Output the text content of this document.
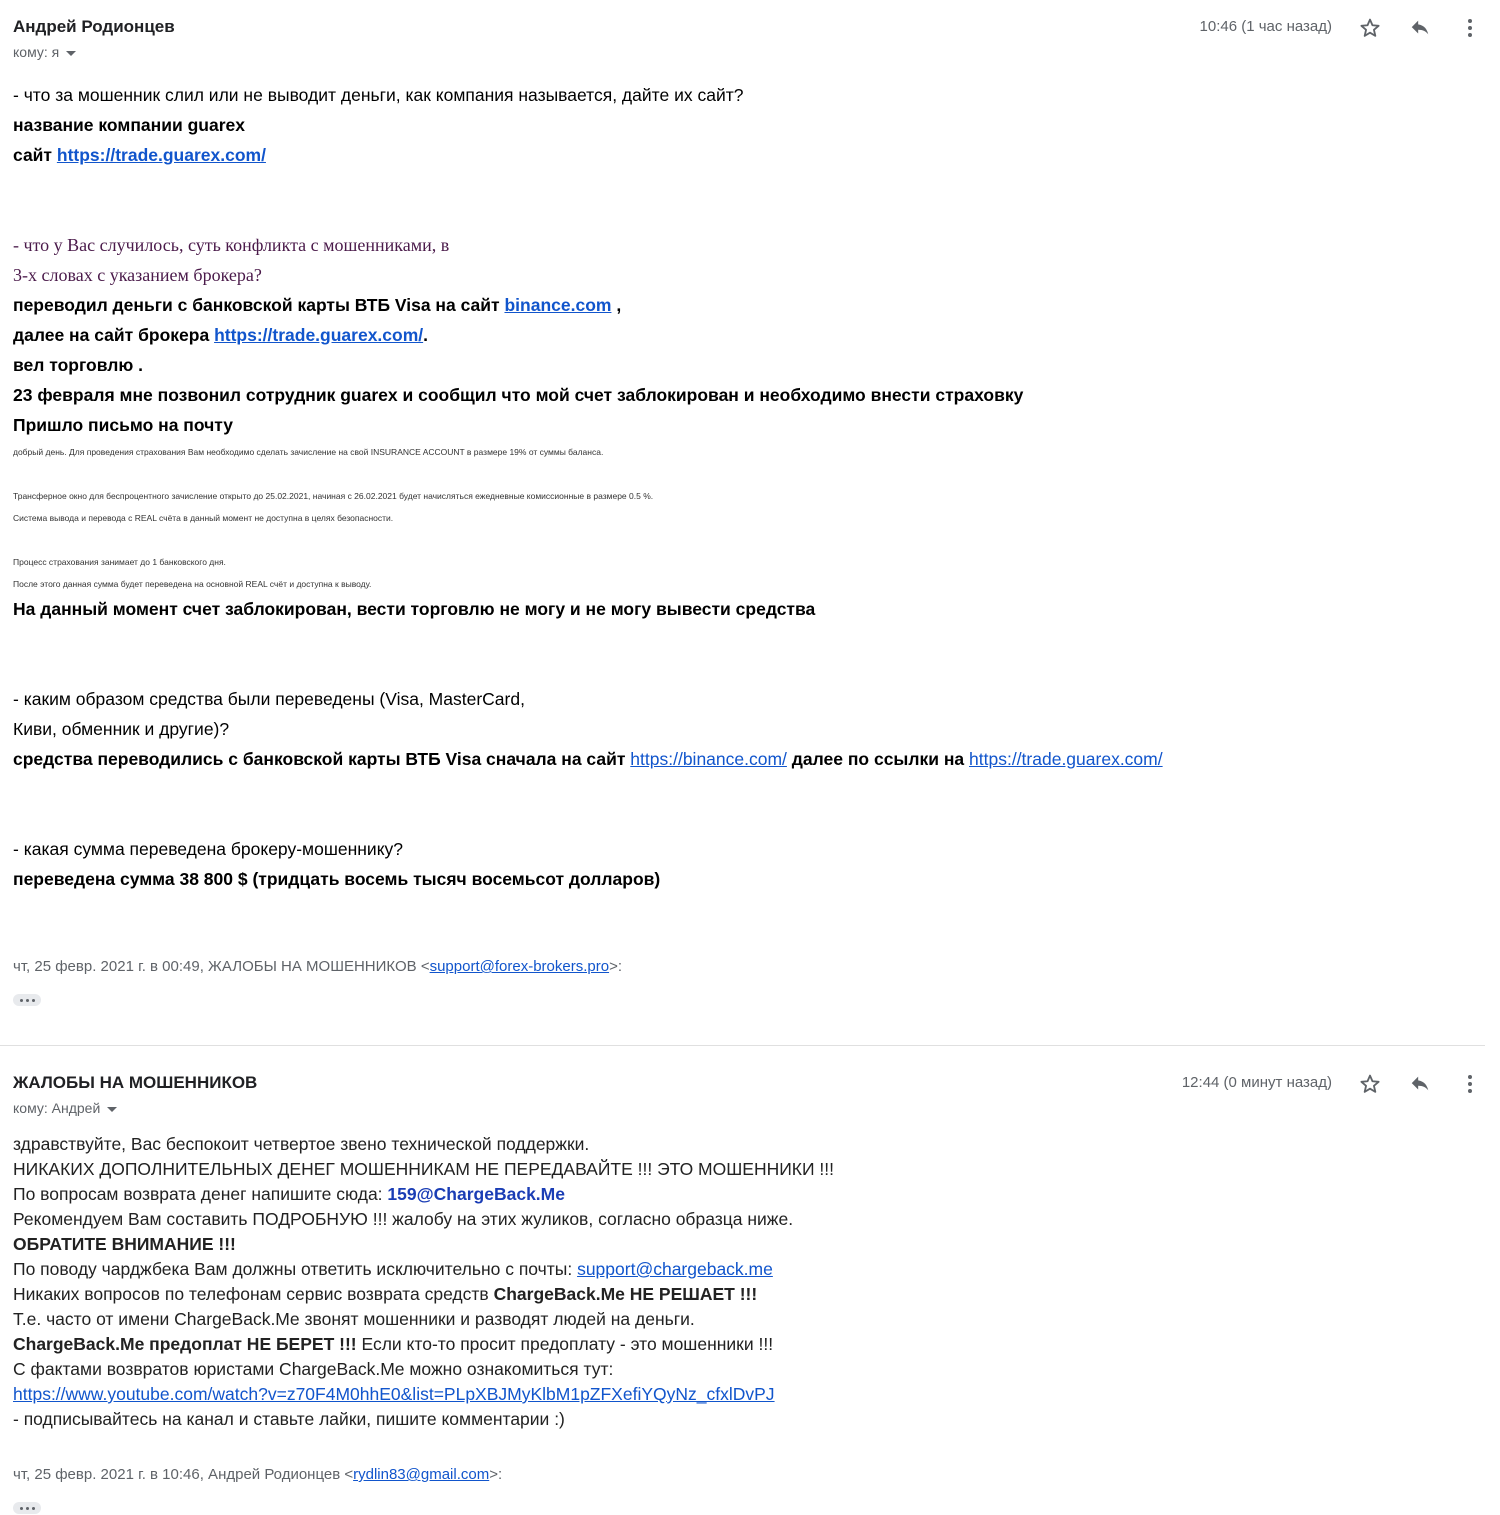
Андрей Родионцев
кому: я
10:46 (1 час назад)
- что за мошенник слил или не выводит деньги, как компания называется, дайте их сайт?
название компании guarex
сайт https://trade.guarex.com/
- что у Вас случилось, суть конфликта с мошенниками, в
3-х словах с указанием брокера?
переводил деньги с банковской карты ВТБ Visa на сайт binance.com ,
далее на сайт брокера https://trade.guarex.com/.
вел торговлю .
23 февраля мне позвонил сотрудник guarex и сообщил что мой счет заблокирован и необходимо внести страховку
Пришло письмо на почту
добрый день. Для проведения страхования Вам необходимо сделать зачисление на свой INSURANCE ACCOUNT в размере 19% от суммы баланса.
Трансферное окно для беспроцентного зачисление открыто до 25.02.2021, начиная с 26.02.2021 будет начисляться ежедневные комиссионные в размере 0.5 %.
Система вывода и перевода с REAL счёта в данный момент не доступна в целях безопасности.
Процесс страхования занимает до 1 банковского дня.
После этого данная сумма будет переведена на основной REAL счёт и доступна к выводу.
На данный момент счет заблокирован, вести торговлю не могу и не могу вывести средства
- каким образом средства были переведены (Visa, MasterCard,
Киви, обменник и другие)?
средства переводились с банковской карты ВТБ Visa сначала на сайт https://binance.com/ далее по ссылки на https://trade.guarex.com/
- какая сумма переведена брокеру-мошеннику?
переведена сумма 38 800 $ (тридцать восемь тысяч восемьсот долларов)
чт, 25 февр. 2021 г. в 00:49, ЖАЛОБЫ НА МОШЕННИКОВ <support@forex-brokers.pro>:
ЖАЛОБЫ НА МОШЕННИКОВ
кому: Андрей
12:44 (0 минут назад)
здравствуйте, Вас беспокоит четвертое звено технической поддержки.
НИКАКИХ ДОПОЛНИТЕЛЬНЫХ ДЕНЕГ МОШЕННИКАМ НЕ ПЕРЕДАВАЙТЕ !!! ЭТО МОШЕННИКИ !!!
По вопросам возврата денег напишите сюда: 159@ChargeBack.Me
Рекомендуем Вам составить ПОДРОБНУЮ !!! жалобу на этих жуликов, согласно образца ниже.
ОБРАТИТЕ ВНИМАНИЕ !!!
По поводу чарджбека Вам должны ответить исключительно с почты: support@chargeback.me
Никаких вопросов по телефонам сервис возврата средств ChargeBack.Me НЕ РЕШАЕТ !!!
Т.е. часто от имени ChargeBack.Me звонят мошенники и разводят людей на деньги.
ChargeBack.Me предоплат НЕ БЕРЕТ !!! Если кто-то просит предоплату - это мошенники !!!
С фактами возвратов юристами ChargeBack.Me можно ознакомиться тут:
https://www.youtube.com/watch?v=z70F4M0hhE0&list=PLpXBJMyKlbM1pZFXefiYQyNz_cfxlDvPJ
- подписывайтесь на канал и ставьте лайки, пишите комментарии :)
чт, 25 февр. 2021 г. в 10:46, Андрей Родионцев <rydlin83@gmail.com>:
